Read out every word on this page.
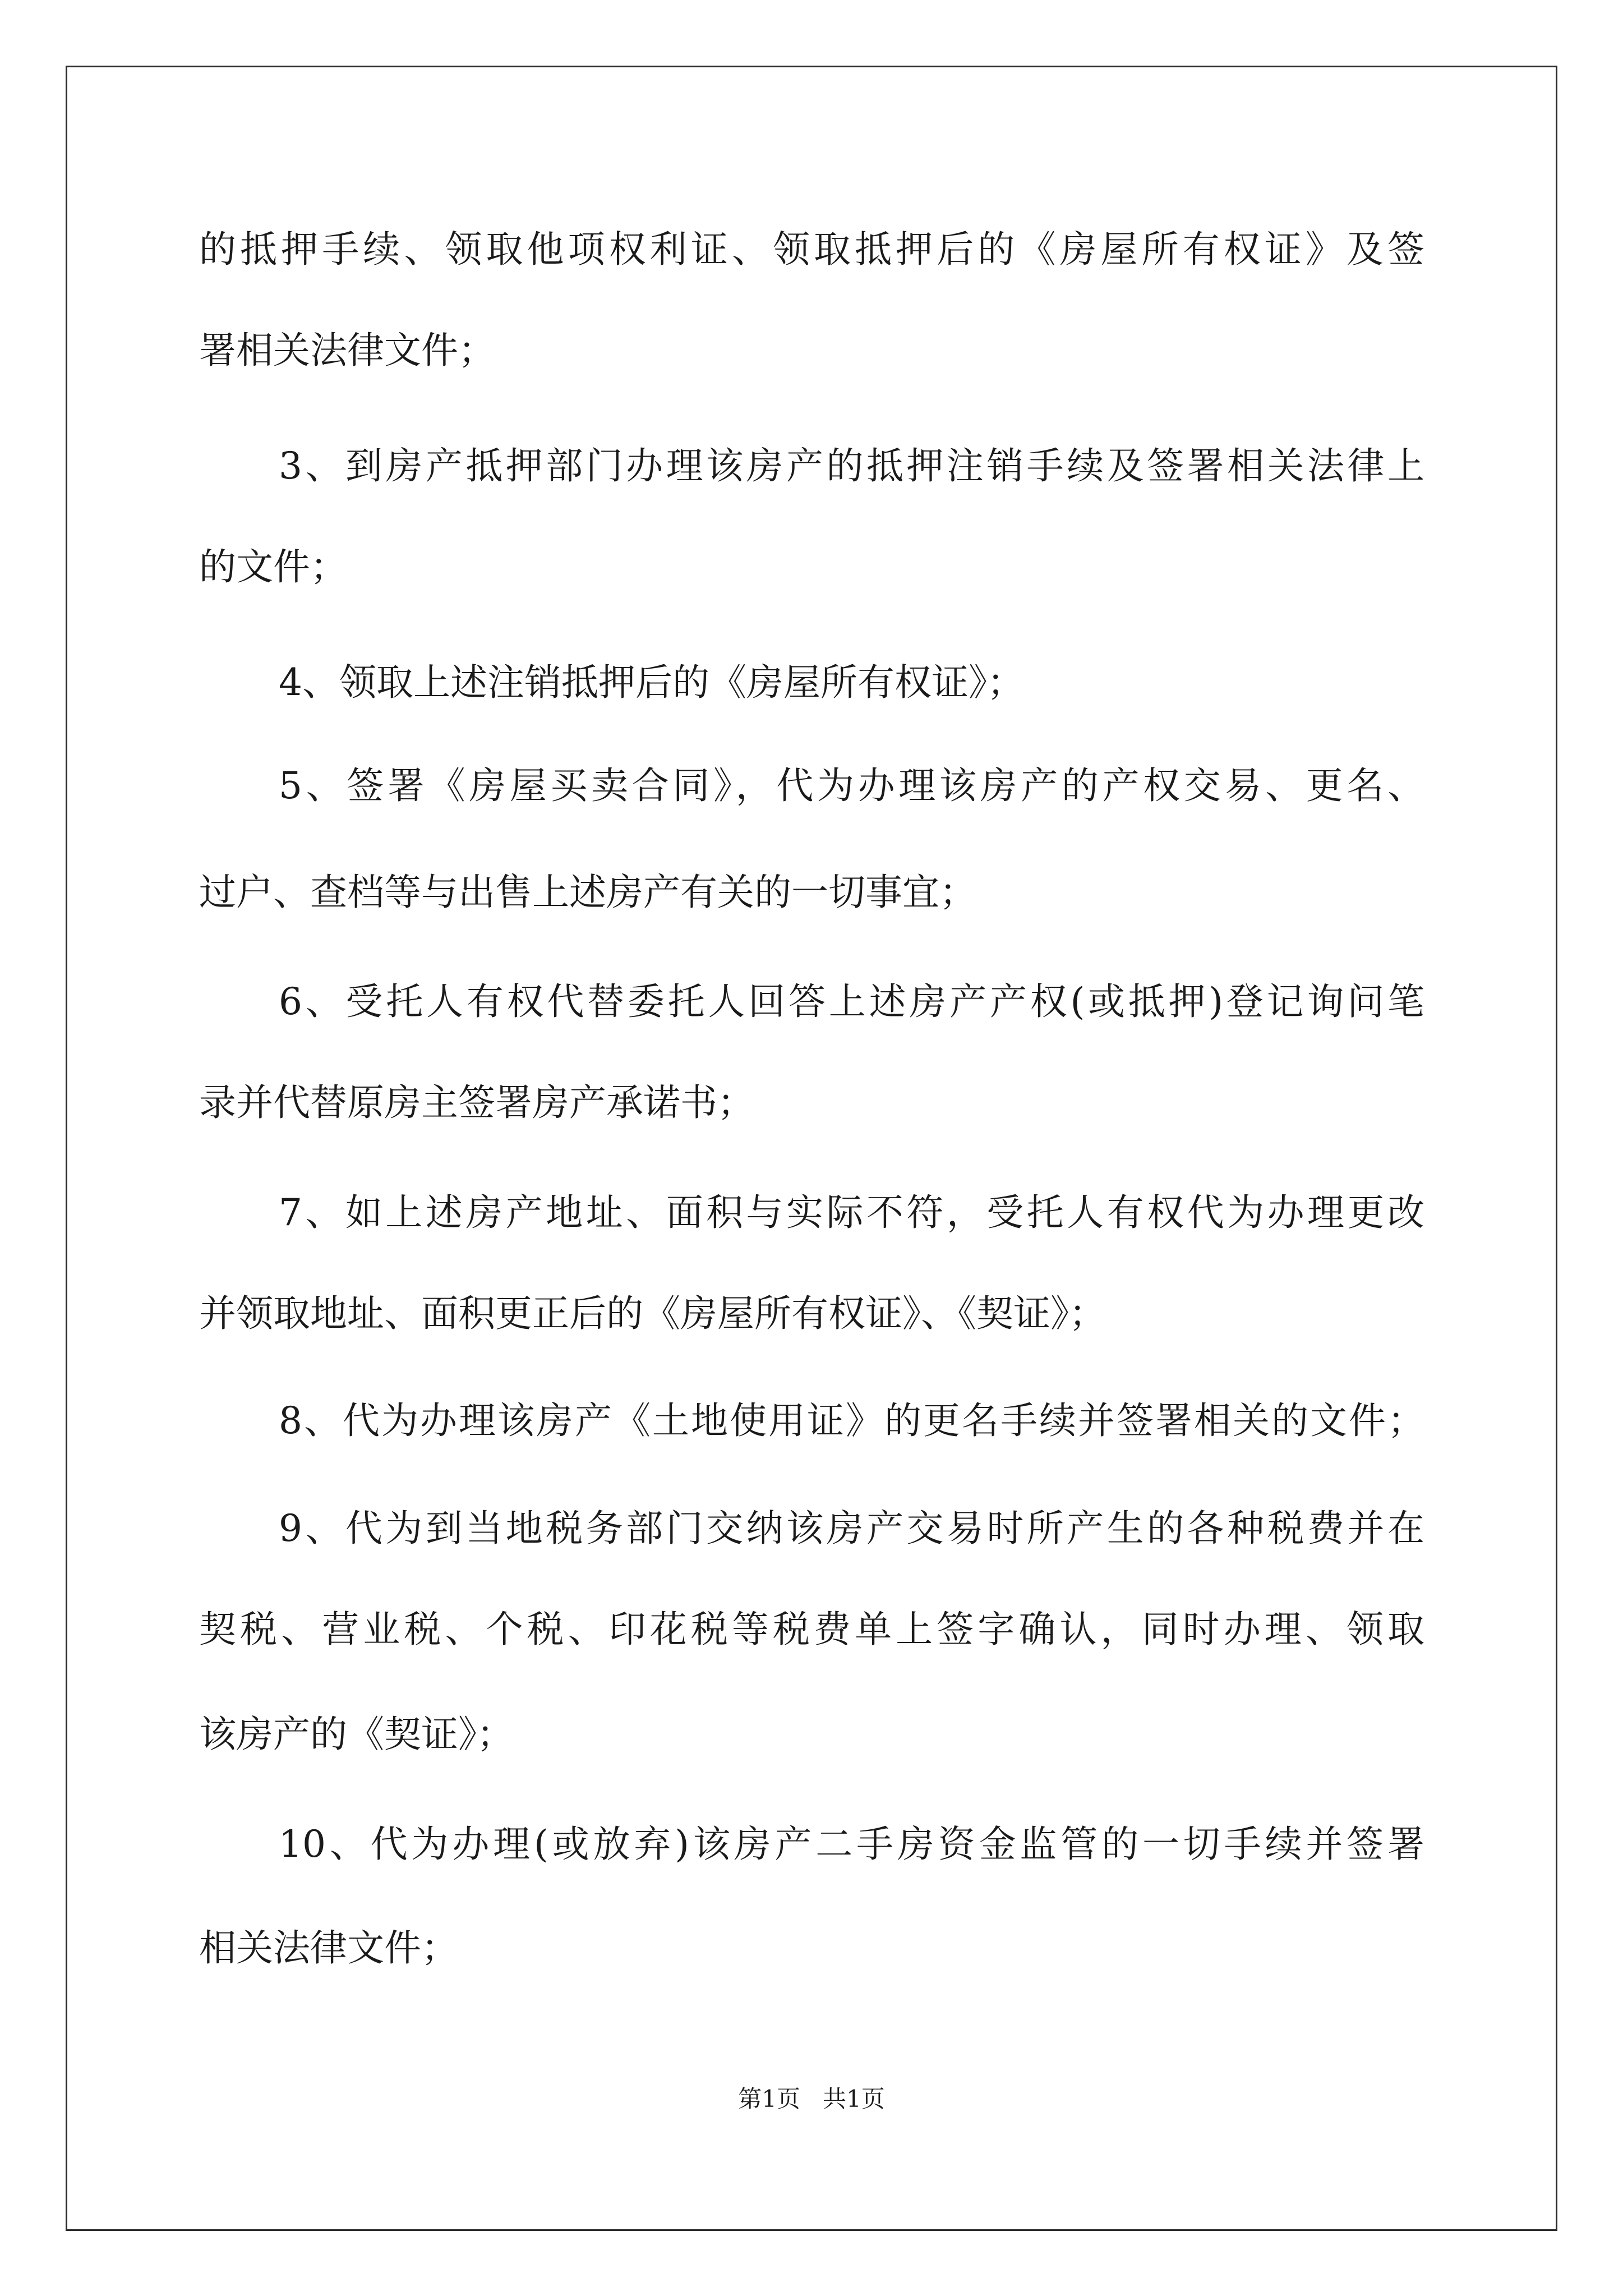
的抵押手续、领取他项权利证、领取抵押后的《房屋所有权证》及签
署相关法律文件；
3、到房产抵押部门办理该房产的抵押注销手续及签署相关法律上
的文件；
4、领取上述注销抵押后的《房屋所有权证》；
5、签署《房屋买卖合同》，代为办理该房产的产权交易、更名、
过户、查档等与出售上述房产有关的一切事宜；
6、受托人有权代替委托人回答上述房产产权(或抵押)登记询问笔
录并代替原房主签署房产承诺书；
7、如上述房产地址、面积与实际不符，受托人有权代为办理更改
并领取地址、面积更正后的《房屋所有权证》、《契证》；
8、代为办理该房产《土地使用证》的更名手续并签署相关的文件；
9、代为到当地税务部门交纳该房产交易时所产生的各种税费并在
契税、营业税、个税、印花税等税费单上签字确认，同时办理、领取
该房产的《契证》；
10、代为办理(或放弃)该房产二手房资金监管的一切手续并签署
相关法律文件；
第1页 共1页
